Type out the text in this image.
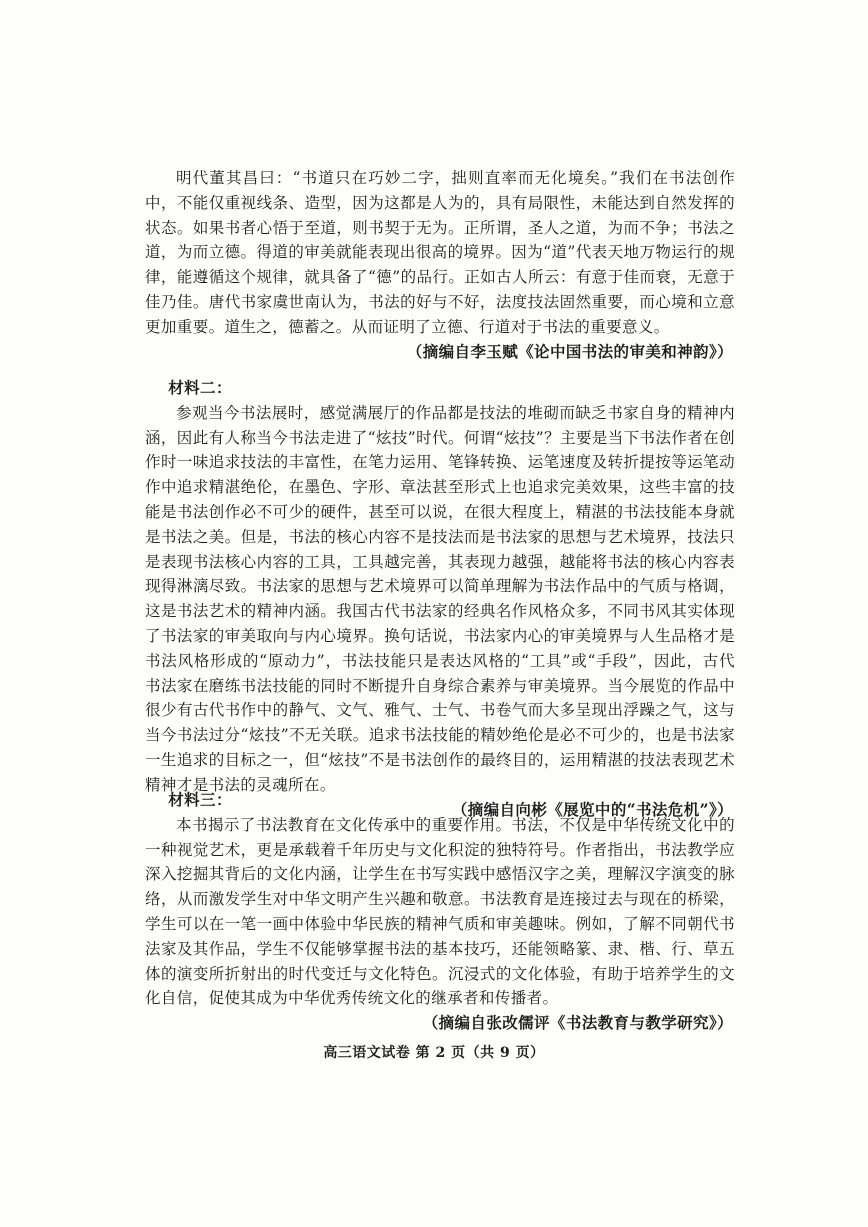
明代董其昌曰：“书道只在巧妙二字，拙则直率而无化境矣。”我们在书法创作中，不能仅重视线条、造型，因为这都是人为的，具有局限性，未能达到自然发挥的状态。如果书者心悟于至道，则书契于无为。正所谓，圣人之道，为而不争；书法之道，为而立德。得道的审美就能表现出很高的境界。因为“道”代表天地万物运行的规律，能遵循这个规律，就具备了“德”的品行。正如古人所云：有意于佳而衰，无意于佳乃佳。唐代书家虞世南认为，书法的好与不好，法度技法固然重要，而心境和立意更加重要。道生之，德蓄之。从而证明了立德、行道对于书法的重要意义。

（摘编自李玉赋《论中国书法的审美和神韵》）

材料二：

参观当今书法展时，感觉满展厅的作品都是技法的堆砌而缺乏书家自身的精神内涵，因此有人称当今书法走进了“炫技”时代。何谓“炫技”？主要是当下书法作者在创作时一味追求技法的丰富性，在笔力运用、笔锋转换、运笔速度及转折提按等运笔动作中追求精湛绝伦，在墨色、字形、章法甚至形式上也追求完美效果，这些丰富的技能是书法创作必不可少的硬件，甚至可以说，在很大程度上，精湛的书法技能本身就是书法之美。但是，书法的核心内容不是技法而是书法家的思想与艺术境界，技法只是表现书法核心内容的工具，工具越完善，其表现力越强，越能将书法的核心内容表现得淋漓尽致。书法家的思想与艺术境界可以简单理解为书法作品中的气质与格调，这是书法艺术的精神内涵。我国古代书法家的经典名作风格众多，不同书风其实体现了书法家的审美取向与内心境界。换句话说，书法家内心的审美境界与人生品格才是书法风格形成的“原动力”，书法技能只是表达风格的“工具”或“手段”，因此，古代书法家在磨练书法技能的同时不断提升自身综合素养与审美境界。当今展览的作品中很少有古代书作中的静气、文气、雅气、士气、书卷气而大多呈现出浮躁之气，这与当今书法过分“炫技”不无关联。追求书法技能的精妙绝伦是必不可少的，也是书法家一生追求的目标之一，但“炫技”不是书法创作的最终目的，运用精湛的技法表现艺术精神才是书法的灵魂所在。

（摘编自向彬《展览中的“书法危机”》）

材料三：

本书揭示了书法教育在文化传承中的重要作用。书法，不仅是中华传统文化中的一种视觉艺术，更是承载着千年历史与文化积淀的独特符号。作者指出，书法教学应深入挖掘其背后的文化内涵，让学生在书写实践中感悟汉字之美，理解汉字演变的脉络，从而激发学生对中华文明产生兴趣和敬意。书法教育是连接过去与现在的桥梁，学生可以在一笔一画中体验中华民族的精神气质和审美趣味。例如，了解不同朝代书法家及其作品，学生不仅能够掌握书法的基本技巧，还能领略篆、隶、楷、行、草五体的演变所折射出的时代变迁与文化特色。沉浸式的文化体验，有助于培养学生的文化自信，促使其成为中华优秀传统文化的继承者和传播者。

（摘编自张改儒评《书法教育与教学研究》）

高三语文试卷 第 2 页（共 9 页）
